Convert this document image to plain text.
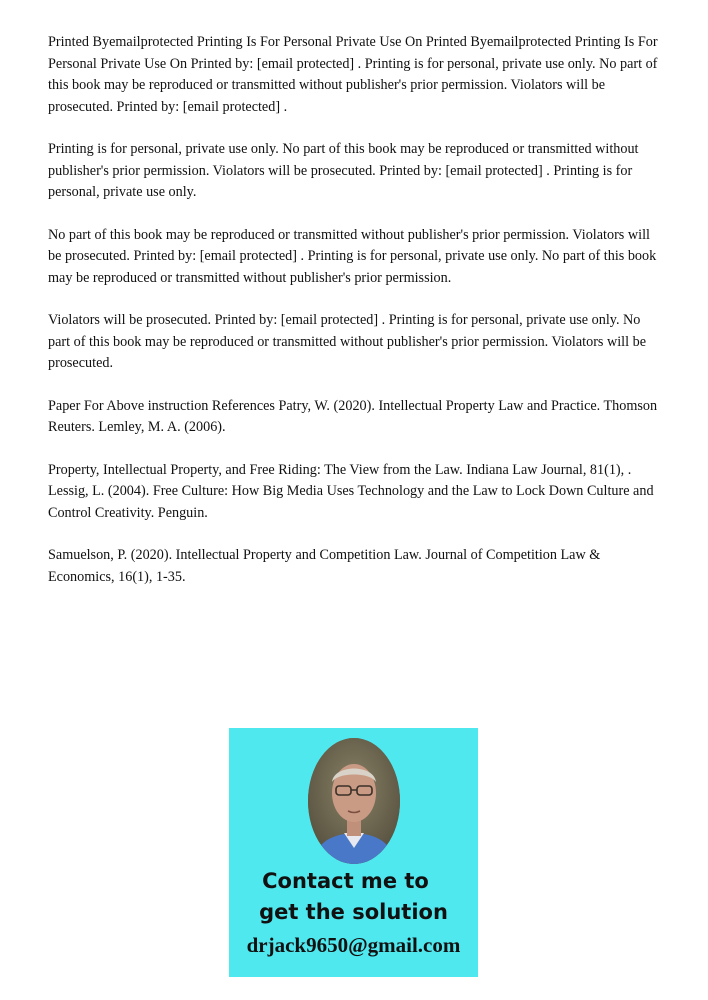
Printed Byemailprotected Printing Is For Personal Private Use On Printed Byemailprotected Printing Is For Personal Private Use On Printed by: [email protected] . Printing is for personal, private use only. No part of this book may be reproduced or transmitted without publisher's prior permission. Violators will be prosecuted. Printed by: [email protected] .

Printing is for personal, private use only. No part of this book may be reproduced or transmitted without publisher's prior permission. Violators will be prosecuted. Printed by: [email protected] . Printing is for personal, private use only.

No part of this book may be reproduced or transmitted without publisher's prior permission. Violators will be prosecuted. Printed by: [email protected] . Printing is for personal, private use only. No part of this book may be reproduced or transmitted without publisher's prior permission.

Violators will be prosecuted. Printed by: [email protected] . Printing is for personal, private use only. No part of this book may be reproduced or transmitted without publisher's prior permission. Violators will be prosecuted.

Paper For Above instruction References Patry, W. (2020). Intellectual Property Law and Practice. Thomson Reuters. Lemley, M. A. (2006).

Property, Intellectual Property, and Free Riding: The View from the Law. Indiana Law Journal, 81(1), . Lessig, L. (2004). Free Culture: How Big Media Uses Technology and the Law to Lock Down Culture and Control Creativity. Penguin.

Samuelson, P. (2020). Intellectual Property and Competition Law. Journal of Competition Law & Economics, 16(1), 1-35.

Contact me to
get the solution
drjack9650@gmail.com
